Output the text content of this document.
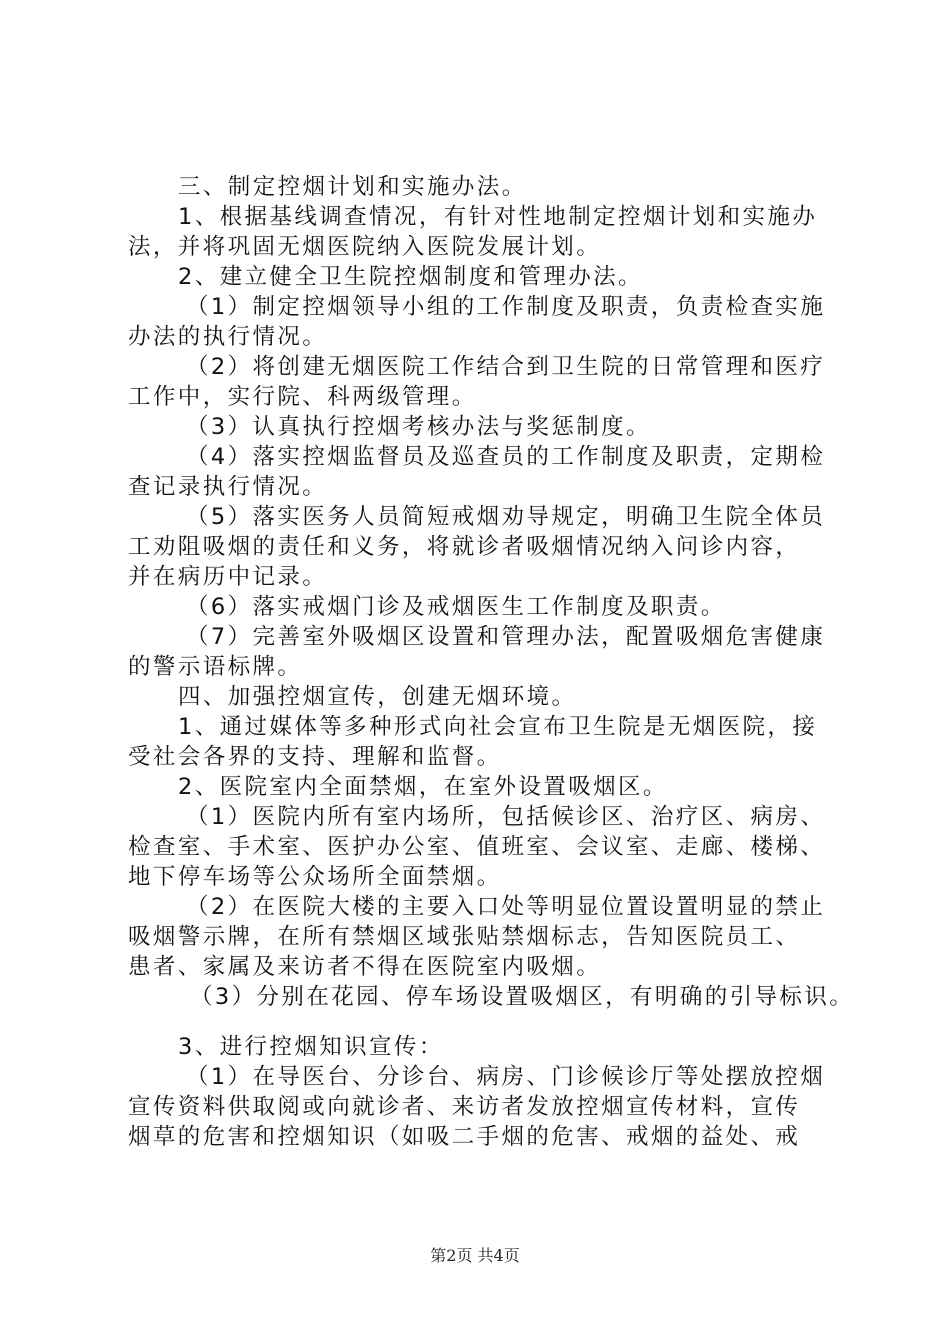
三、制定控烟计划和实施办法。
1、根据基线调查情况，有针对性地制定控烟计划和实施办
法，并将巩固无烟医院纳入医院发展计划。
2、建立健全卫生院控烟制度和管理办法。
（1）制定控烟领导小组的工作制度及职责，负责检查实施
办法的执行情况。
（2）将创建无烟医院工作结合到卫生院的日常管理和医疗
工作中，实行院、科两级管理。
（3）认真执行控烟考核办法与奖惩制度。
（4）落实控烟监督员及巡查员的工作制度及职责，定期检
查记录执行情况。
（5）落实医务人员简短戒烟劝导规定，明确卫生院全体员
工劝阻吸烟的责任和义务，将就诊者吸烟情况纳入问诊内容，
并在病历中记录。
（6）落实戒烟门诊及戒烟医生工作制度及职责。
（7）完善室外吸烟区设置和管理办法，配置吸烟危害健康
的警示语标牌。
四、加强控烟宣传，创建无烟环境。
1、通过媒体等多种形式向社会宣布卫生院是无烟医院，接
受社会各界的支持、理解和监督。
2、医院室内全面禁烟，在室外设置吸烟区。
（1）医院内所有室内场所，包括候诊区、治疗区、病房、
检查室、手术室、医护办公室、值班室、会议室、走廊、楼梯、
地下停车场等公众场所全面禁烟。
（2）在医院大楼的主要入口处等明显位置设置明显的禁止
吸烟警示牌，在所有禁烟区域张贴禁烟标志，告知医院员工、
患者、家属及来访者不得在医院室内吸烟。
（3）分别在花园、停车场设置吸烟区，有明确的引导标识。
3、进行控烟知识宣传：
（1）在导医台、分诊台、病房、门诊候诊厅等处摆放控烟
宣传资料供取阅或向就诊者、来访者发放控烟宣传材料，宣传
烟草的危害和控烟知识（如吸二手烟的危害、戒烟的益处、戒
第2页 共4页
